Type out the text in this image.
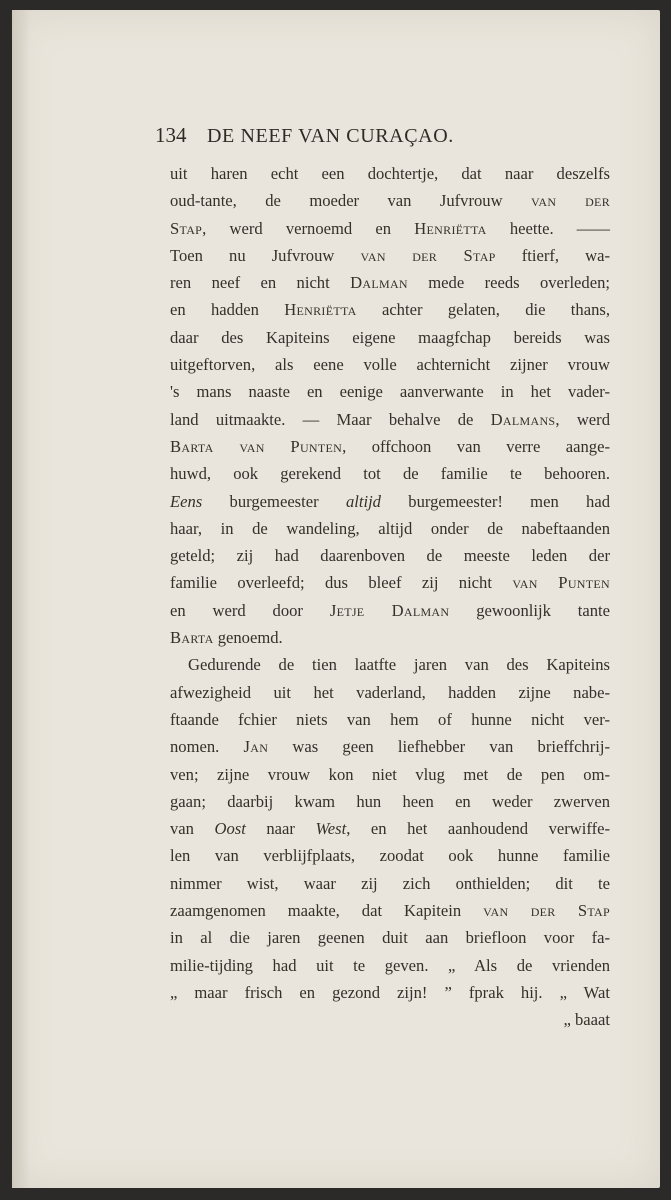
134 DE NEEF VAN CURAÇAO.
uit haren echt een dochtertje, dat naar deszelfs
oud-tante, de moeder van Jufvrouw van der
Stap, werd vernoemd en Henriëtta heette. ——
Toen nu Jufvrouw van der Stap ftierf, wa-
ren neef en nicht Dalman mede reeds overleden;
en hadden Henriëtta achter gelaten, die thans,
daar des Kapiteins eigene maagfchap bereids was
uitgeftorven, als eene volle achternicht zijner vrouw
's mans naaste en eenige aanverwante in het vader-
land uitmaakte. — Maar behalve de Dalmans, werd
Barta van Punten, offchoon van verre aange-
huwd, ook gerekend tot de familie te behooren.
Eens burgemeester altijd burgemeester! men had
haar, in de wandeling, altijd onder de nabeftaanden
geteld; zij had daarenboven de meeste leden der
familie overleefd; dus bleef zij nicht van Punten
en werd door Jetje Dalman gewoonlijk tante
Barta genoemd.
Gedurende de tien laatfte jaren van des Kapiteins
afwezigheid uit het vaderland, hadden zijne nabe-
ftaande fchier niets van hem of hunne nicht ver-
nomen. Jan was geen liefhebber van brieffchrij-
ven; zijne vrouw kon niet vlug met de pen om-
gaan; daarbij kwam hun heen en weder zwerven
van Oost naar West, en het aanhoudend verwiffe-
len van verblijfplaats, zoodat ook hunne familie
nimmer wist, waar zij zich onthielden; dit te
zaamgenomen maakte, dat Kapitein van der Stap
in al die jaren geenen duit aan briefloon voor fa-
milie-tijding had uit te geven. „ Als de vrienden
„ maar frisch en gezond zijn! ” fprak hij. „ Wat
„ baaat
